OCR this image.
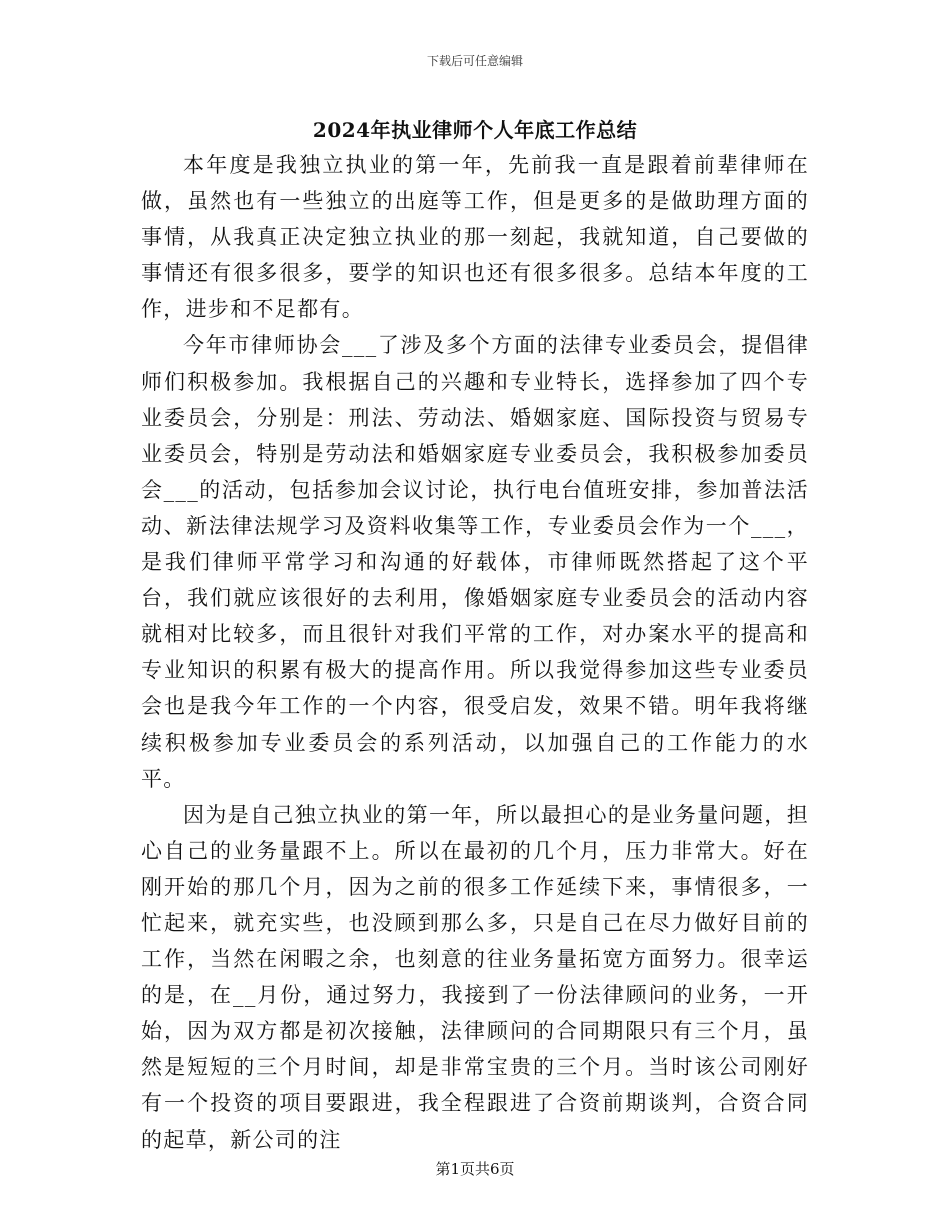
下载后可任意编辑
2024年执业律师个人年底工作总结

本年度是我独立执业的第一年，先前我一直是跟着前辈律师在做，虽然也有一些独立的出庭等工作，但是更多的是做助理方面的事情，从我真正决定独立执业的那一刻起，我就知道，自己要做的事情还有很多很多，要学的知识也还有很多很多。总结本年度的工作，进步和不足都有。

今年市律师协会___了涉及多个方面的法律专业委员会，提倡律师们积极参加。我根据自己的兴趣和专业特长，选择参加了四个专业委员会，分别是：刑法、劳动法、婚姻家庭、国际投资与贸易专业委员会，特别是劳动法和婚姻家庭专业委员会，我积极参加委员会___的活动，包括参加会议讨论，执行电台值班安排，参加普法活动、新法律法规学习及资料收集等工作，专业委员会作为一个___，是我们律师平常学习和沟通的好载体，市律师既然搭起了这个平台，我们就应该很好的去利用，像婚姻家庭专业委员会的活动内容就相对比较多，而且很针对我们平常的工作，对办案水平的提高和专业知识的积累有极大的提高作用。所以我觉得参加这些专业委员会也是我今年工作的一个内容，很受启发，效果不错。明年我将继续积极参加专业委员会的系列活动，以加强自己的工作能力的水平。

因为是自己独立执业的第一年，所以最担心的是业务量问题，担心自己的业务量跟不上。所以在最初的几个月，压力非常大。好在刚开始的那几个月，因为之前的很多工作延续下来，事情很多，一忙起来，就充实些，也没顾到那么多，只是自己在尽力做好目前的工作，当然在闲暇之余，也刻意的往业务量拓宽方面努力。很幸运的是，在__月份，通过努力，我接到了一份法律顾问的业务，一开始，因为双方都是初次接触，法律顾问的合同期限只有三个月，虽然是短短的三个月时间，却是非常宝贵的三个月。当时该公司刚好有一个投资的项目要跟进，我全程跟进了合资前期谈判，合资合同的起草，新公司的注

第1页共6页
